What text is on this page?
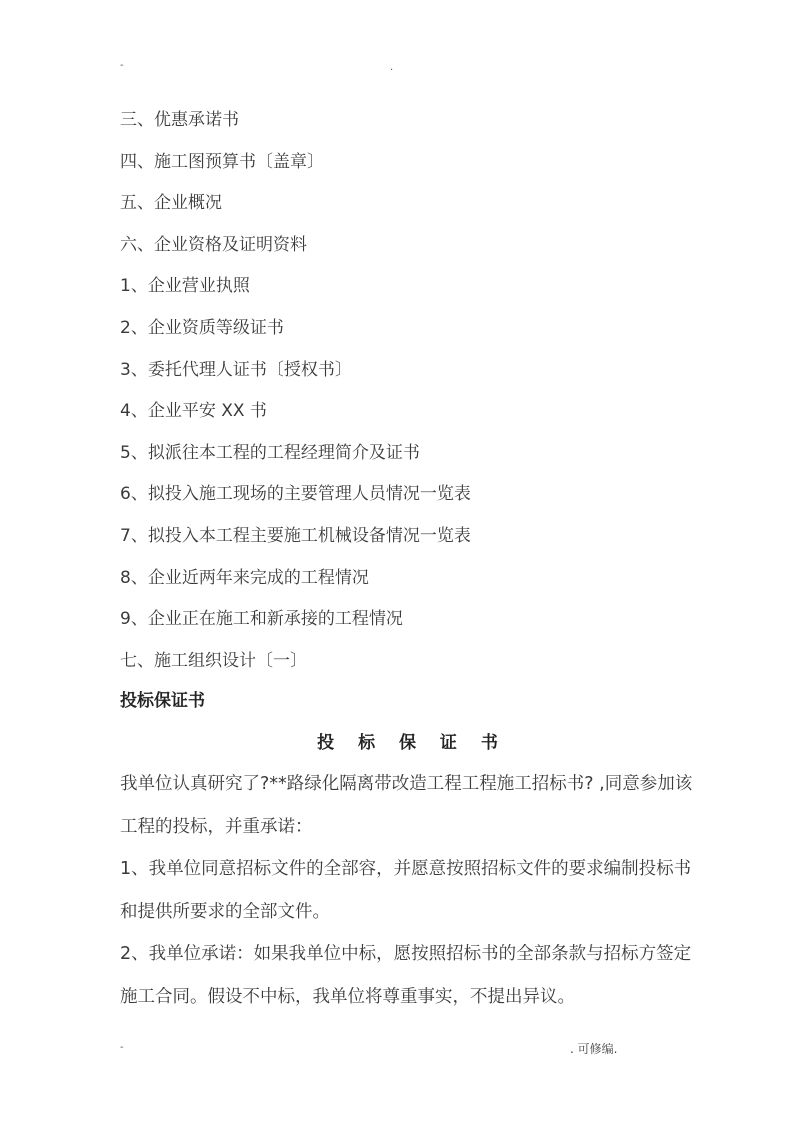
-	.
三、优惠承诺书
四、施工图预算书〔盖章〕
五、企业概况
六、企业资格及证明资料
1、企业营业执照
2、企业资质等级证书
3、委托代理人证书〔授权书〕
4、企业平安 XX 书
5、拟派往本工程的工程经理简介及证书
6、拟投入施工现场的主要管理人员情况一览表
7、拟投入本工程主要施工机械设备情况一览表
8、企业近两年来完成的工程情况
9、企业正在施工和新承接的工程情况
七、施工组织设计〔一〕
投标保证书
投 标 保 证 书
我单位认真研究了?**路绿化隔离带改造工程工程施工招标书? ,同意参加该
工程的投标，并重承诺：
1、我单位同意招标文件的全部容，并愿意按照招标文件的要求编制投标书
和提供所要求的全部文件。
2、我单位承诺：如果我单位中标，愿按照招标书的全部条款与招标方签定
施工合同。假设不中标，我单位将尊重事实，不提出异议。
-	. 可修编.
